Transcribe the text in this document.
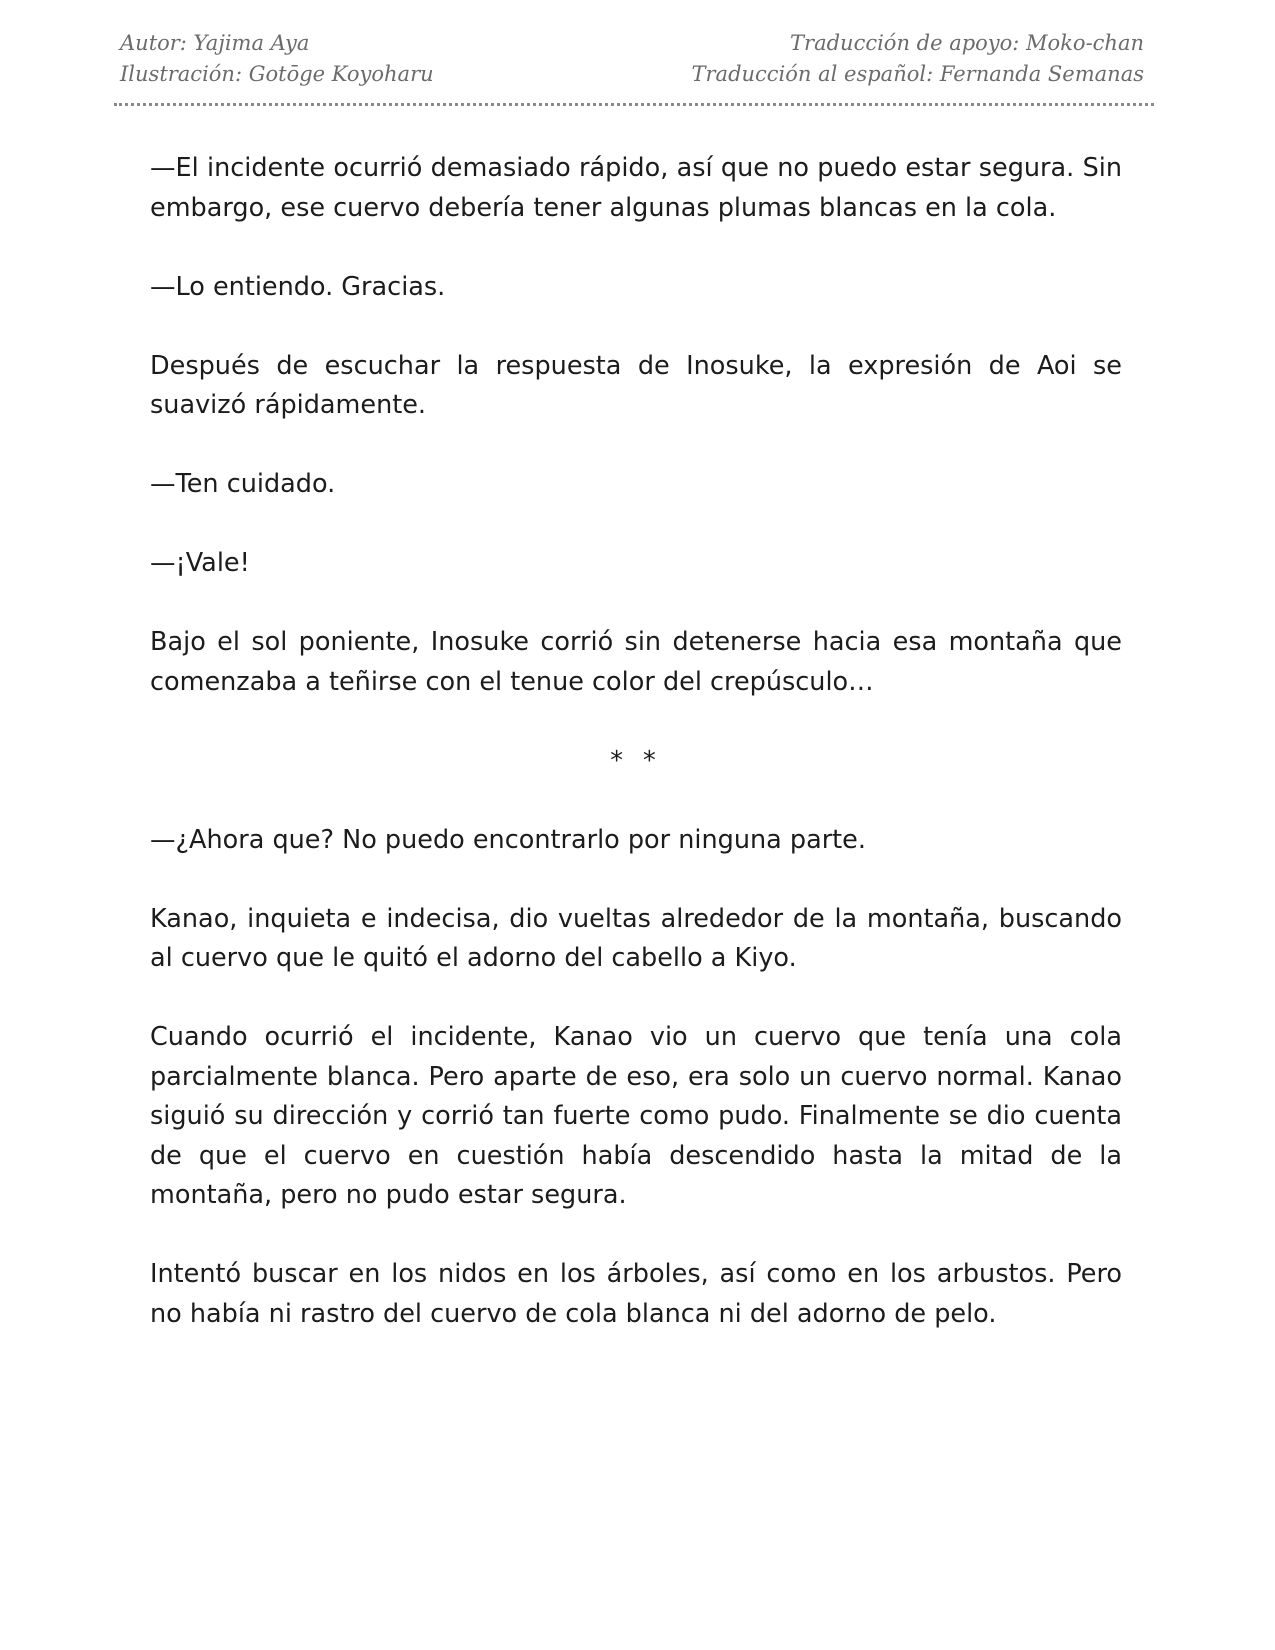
Autor: Yajima Aya
Ilustración: Gotōge Koyoharu
Traducción de apoyo: Moko-chan
Traducción al español: Fernanda Semanas

—El incidente ocurrió demasiado rápido, así que no puedo estar segura. Sin embargo, ese cuervo debería tener algunas plumas blancas en la cola.

—Lo entiendo. Gracias.

Después de escuchar la respuesta de Inosuke, la expresión de Aoi se suavizó rápidamente.

—Ten cuidado.

—¡Vale!

Bajo el sol poniente, Inosuke corrió sin detenerse hacia esa montaña que comenzaba a teñirse con el tenue color del crepúsculo…

* *

—¿Ahora que? No puedo encontrarlo por ninguna parte.

Kanao, inquieta e indecisa, dio vueltas alrededor de la montaña, buscando al cuervo que le quitó el adorno del cabello a Kiyo.

Cuando ocurrió el incidente, Kanao vio un cuervo que tenía una cola parcialmente blanca. Pero aparte de eso, era solo un cuervo normal. Kanao siguió su dirección y corrió tan fuerte como pudo. Finalmente se dio cuenta de que el cuervo en cuestión había descendido hasta la mitad de la montaña, pero no pudo estar segura.

Intentó buscar en los nidos en los árboles, así como en los arbustos. Pero no había ni rastro del cuervo de cola blanca ni del adorno de pelo.
